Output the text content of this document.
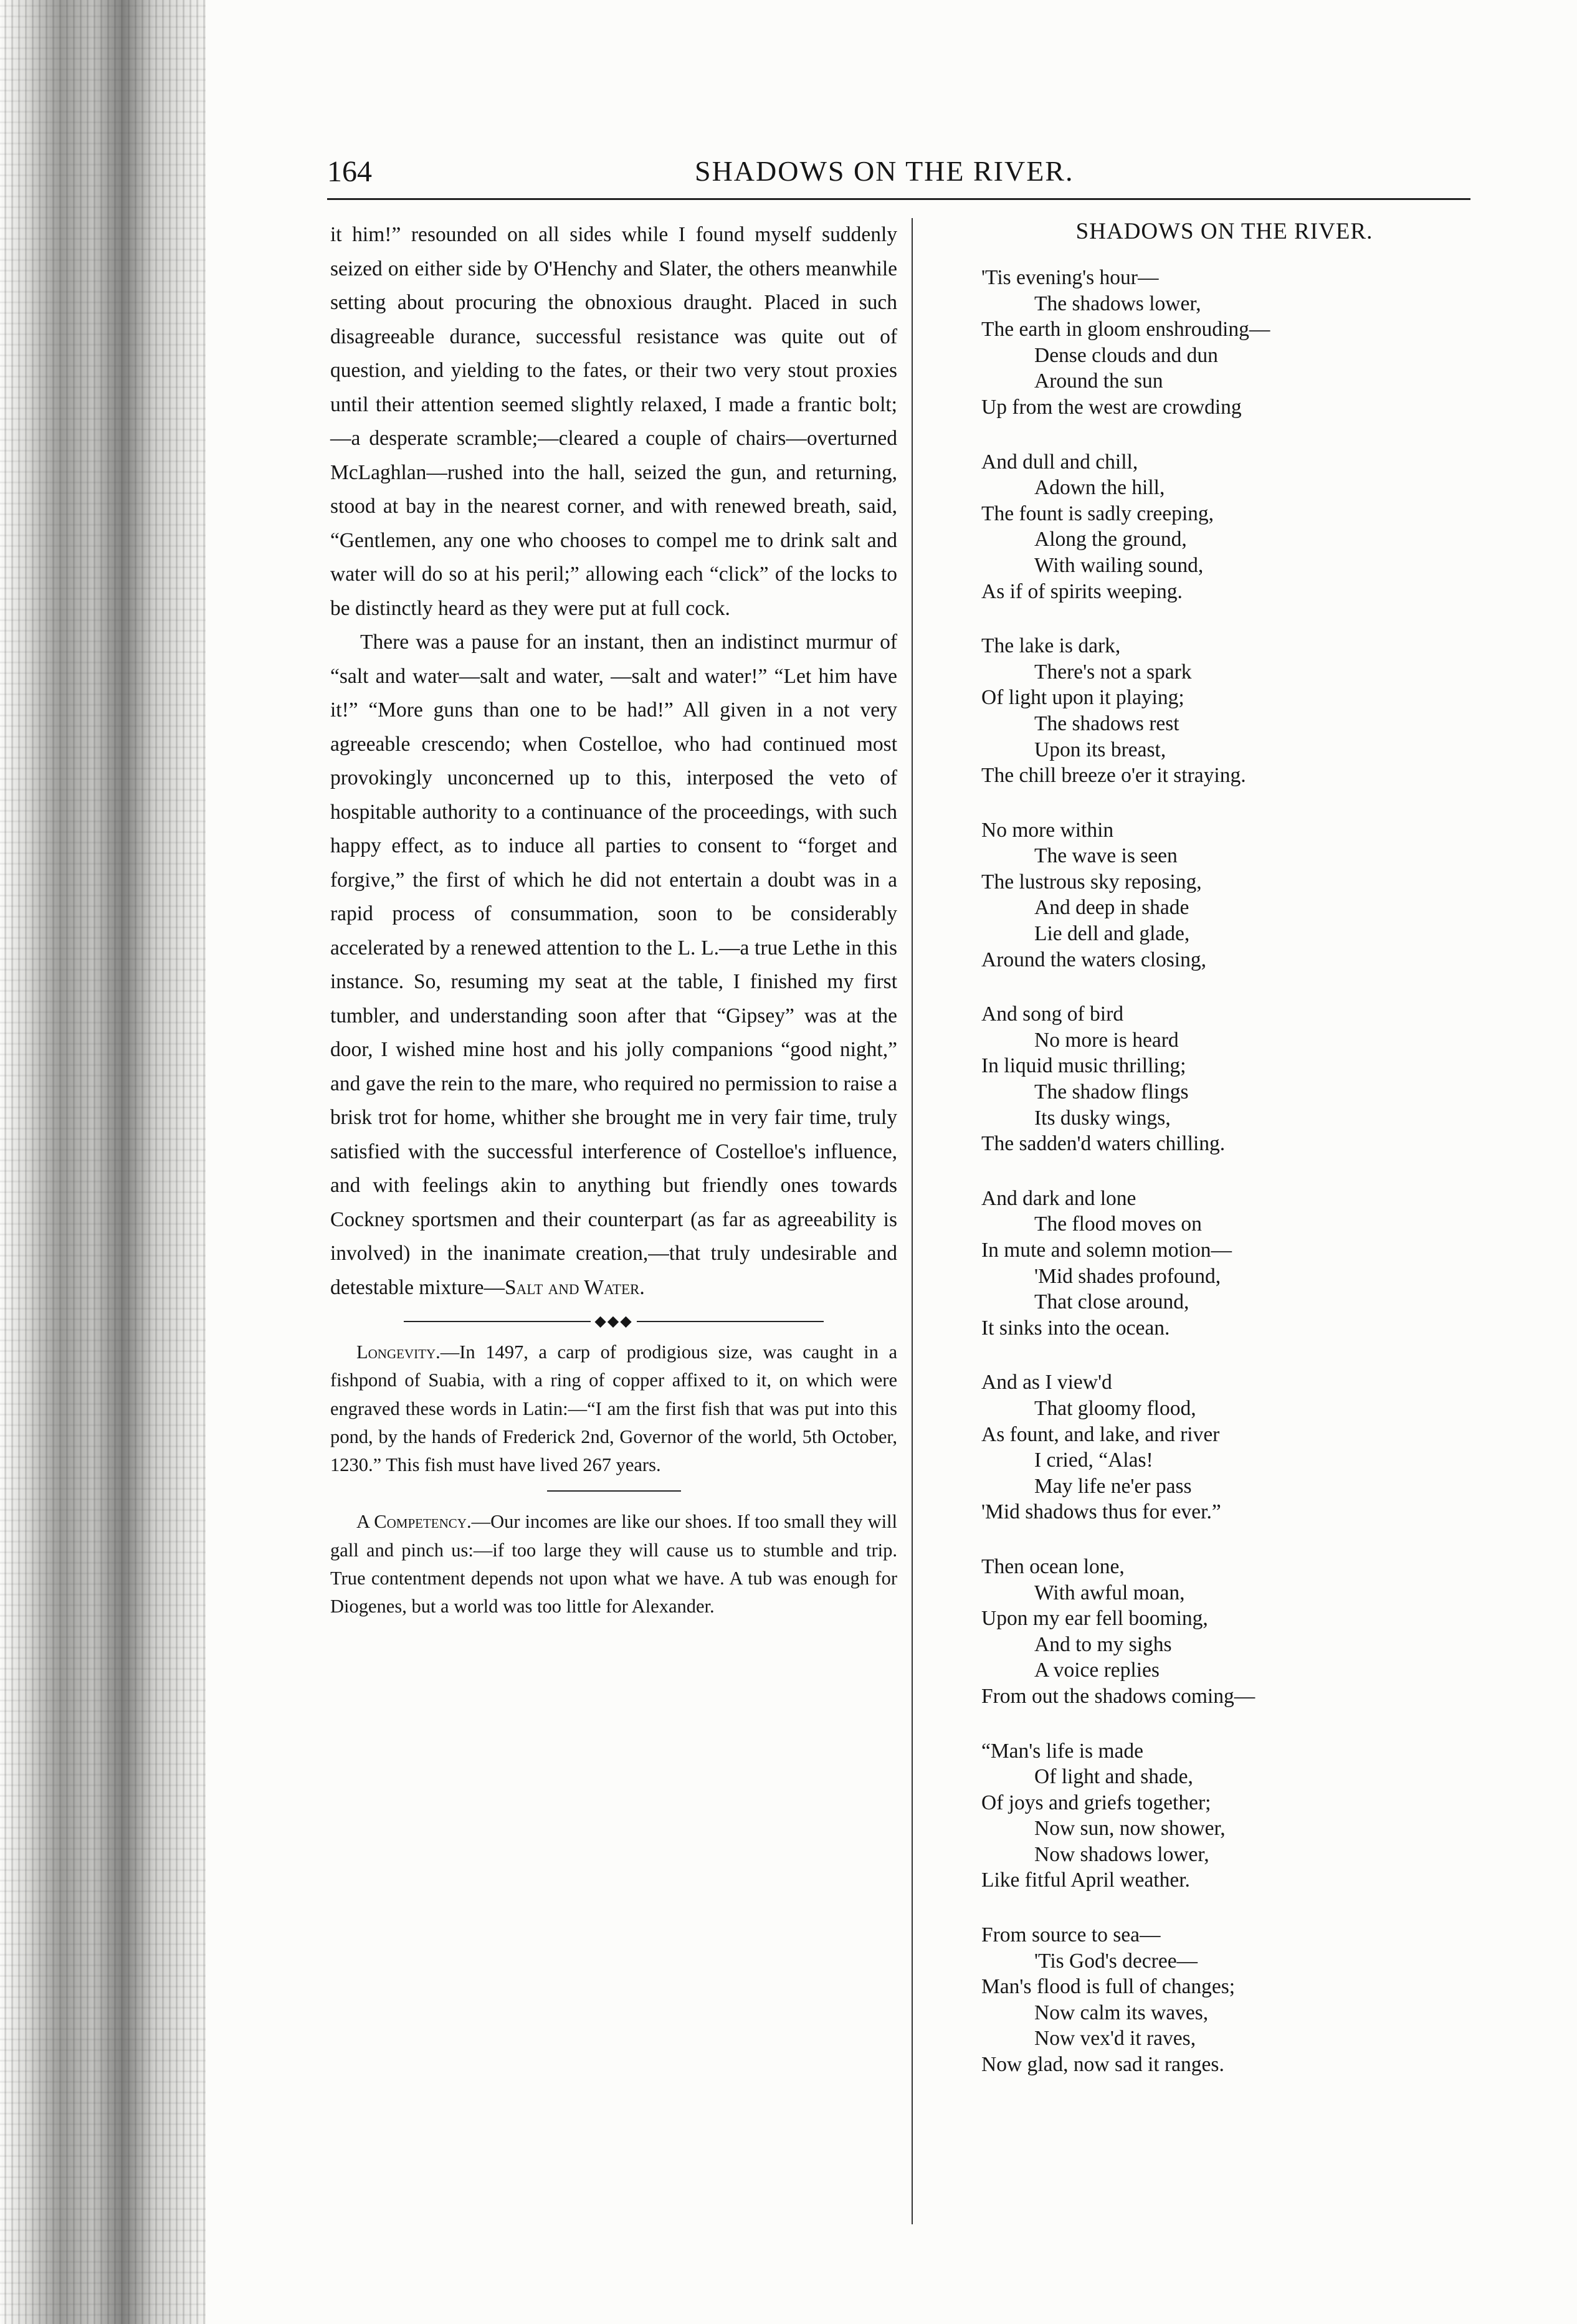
164	SHADOWS ON THE RIVER.

it him!” resounded on all sides while I found myself suddenly seized on either side by O'Henchy and Slater, the others meanwhile setting about procuring the obnoxious draught. Placed in such disagreeable durance, successful resistance was quite out of question, and yielding to the fates, or their two very stout proxies until their attention seemed slightly relaxed, I made a frantic bolt;—a desperate scramble;—cleared a couple of chairs—overturned McLaghlan—rushed into the hall, seized the gun, and returning, stood at bay in the nearest corner, and with renewed breath, said, “Gentlemen, any one who chooses to compel me to drink salt and water will do so at his peril;” allowing each “click” of the locks to be distinctly heard as they were put at full cock.

There was a pause for an instant, then an indistinct murmur of “salt and water—salt and water, —salt and water!” “Let him have it!” “More guns than one to be had!” All given in a not very agreeable crescendo; when Costelloe, who had continued most provokingly unconcerned up to this, interposed the veto of hospitable authority to a continuance of the proceedings, with such happy effect, as to induce all parties to consent to “forget and forgive,” the first of which he did not entertain a doubt was in a rapid process of consummation, soon to be considerably accelerated by a renewed attention to the L. L.—a true Lethe in this instance. So, resuming my seat at the table, I finished my first tumbler, and understanding soon after that “Gipsey” was at the door, I wished mine host and his jolly companions “good night,” and gave the rein to the mare, who required no permission to raise a brisk trot for home, whither she brought me in very fair time, truly satisfied with the successful interference of Costelloe's influence, and with feelings akin to anything but friendly ones towards Cockney sportsmen and their counterpart (as far as agreeability is involved) in the inanimate creation,—that truly undesirable and detestable mixture—Salt and Water.

◆◆◆

Longevity.—In 1497, a carp of prodigious size, was caught in a fishpond of Suabia, with a ring of copper affixed to it, on which were engraved these words in Latin:—“I am the first fish that was put into this pond, by the hands of Frederick 2nd, Governor of the world, 5th October, 1230.” This fish must have lived 267 years.

A Competency.—Our incomes are like our shoes. If too small they will gall and pinch us:—if too large they will cause us to stumble and trip. True contentment depends not upon what we have. A tub was enough for Diogenes, but a world was too little for Alexander.

SHADOWS ON THE RIVER.
'Tis evening's hour—
The shadows lower,
The earth in gloom enshrouding—
Dense clouds and dun
Around the sun
Up from the west are crowding
And dull and chill,
Adown the hill,
The fount is sadly creeping,
Along the ground,
With wailing sound,
As if of spirits weeping.
The lake is dark,
There's not a spark
Of light upon it playing;
The shadows rest
Upon its breast,
The chill breeze o'er it straying.
No more within
The wave is seen
The lustrous sky reposing,
And deep in shade
Lie dell and glade,
Around the waters closing,
And song of bird
No more is heard
In liquid music thrilling;
The shadow flings
Its dusky wings,
The sadden'd waters chilling.
And dark and lone
The flood moves on
In mute and solemn motion—
'Mid shades profound,
That close around,
It sinks into the ocean.
And as I view'd
That gloomy flood,
As fount, and lake, and river
I cried, “Alas!
May life ne'er pass
'Mid shadows thus for ever.”
Then ocean lone,
With awful moan,
Upon my ear fell booming,
And to my sighs
A voice replies
From out the shadows coming—
“Man's life is made
Of light and shade,
Of joys and griefs together;
Now sun, now shower,
Now shadows lower,
Like fitful April weather.
From source to sea—
'Tis God's decree—
Man's flood is full of changes;
Now calm its waves,
Now vex'd it raves,
Now glad, now sad it ranges.
